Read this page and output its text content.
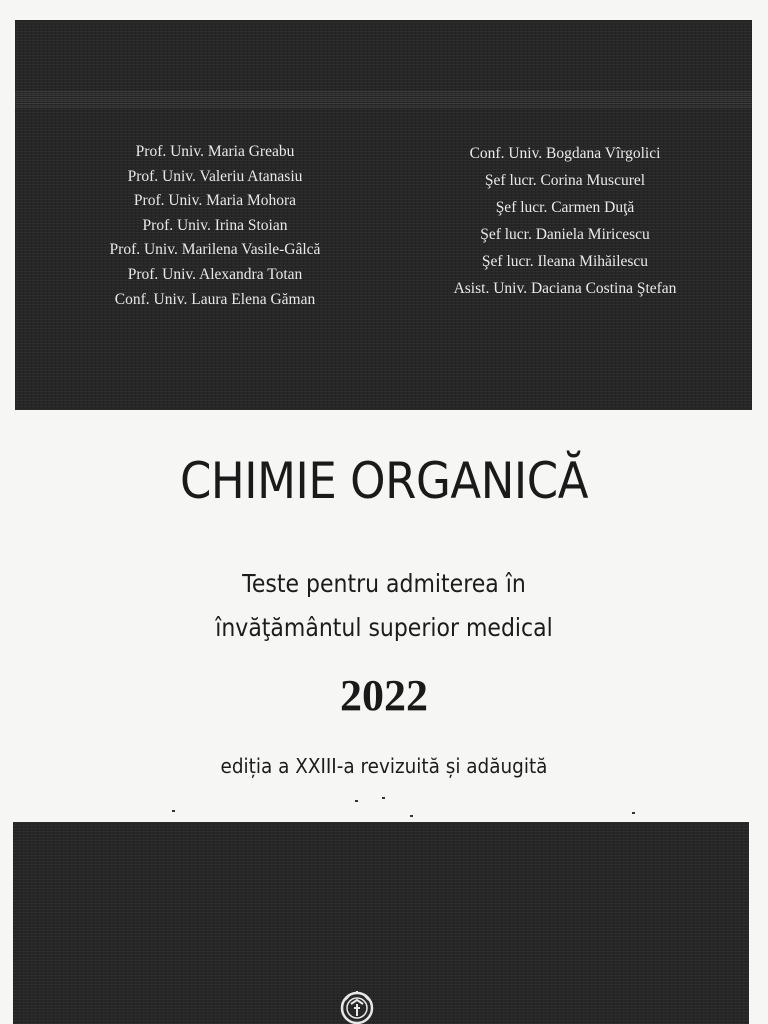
Prof. Univ. Maria Greabu
Prof. Univ. Valeriu Atanasiu
Prof. Univ. Maria Mohora
Prof. Univ. Irina Stoian
Prof. Univ. Marilena Vasile-Gâlcă
Prof. Univ. Alexandra Totan
Conf. Univ. Laura Elena Găman
Conf. Univ. Bogdana Vîrgolici
Şef lucr. Corina Muscurel
Şef lucr. Carmen Duţă
Şef lucr. Daniela Miricescu
Şef lucr. Ileana Mihăilescu
Asist. Univ. Daciana Costina Ştefan
CHIMIE ORGANICĂ
Teste pentru admiterea în
învăţământul superior medical
2022
ediția a XXIII-a revizuită și adăugită
